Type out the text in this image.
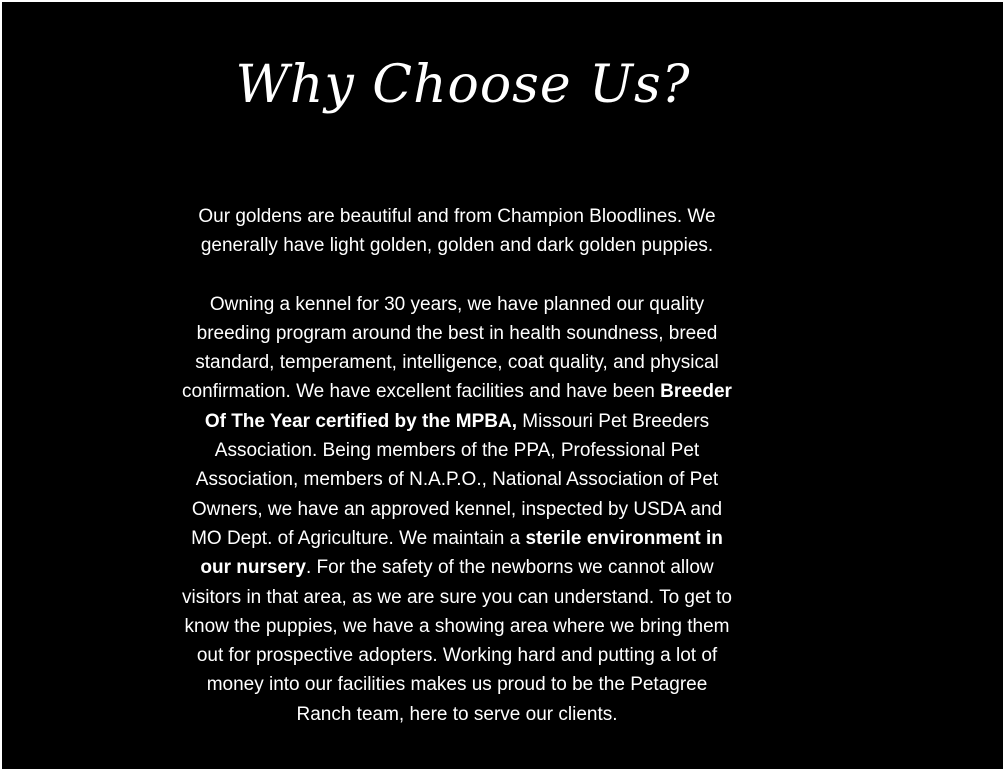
Why Choose Us?

Our goldens are beautiful and from Champion Bloodlines. We generally have light golden, golden and dark golden puppies.

Owning a kennel for 30 years, we have planned our quality breeding program around the best in health soundness, breed standard, temperament, intelligence, coat quality, and physical confirmation. We have excellent facilities and have been Breeder Of The Year certified by the MPBA, Missouri Pet Breeders Association. Being members of the PPA, Professional Pet Association, members of N.A.P.O., National Association of Pet Owners, we have an approved kennel, inspected by USDA and MO Dept. of Agriculture. We maintain a sterile environment in our nursery. For the safety of the newborns we cannot allow visitors in that area, as we are sure you can understand. To get to know the puppies, we have a showing area where we bring them out for prospective adopters. Working hard and putting a lot of money into our facilities makes us proud to be the Petagree Ranch team, here to serve our clients.
